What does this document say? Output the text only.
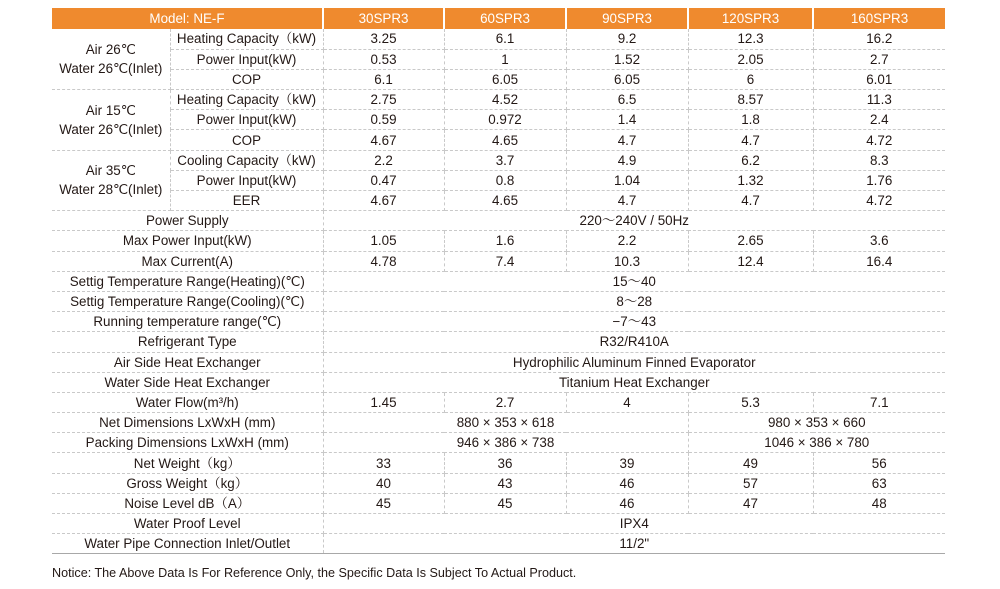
Model: NE-F		30SPR3	60SPR3	90SPR3	120SPR3	160SPR3

Air 26℃
Water 26℃(Inlet)	Heating Capacity（kW)	3.25	6.1	9.2	12.3	16.2
	Power Input(kW)	0.53	1	1.52	2.05	2.7
	COP	6.1	6.05	6.05	6	6.01

Air 15℃
Water 26℃(Inlet)	Heating Capacity（kW)	2.75	4.52	6.5	8.57	11.3
	Power Input(kW)	0.59	0.972	1.4	1.8	2.4
	COP	4.67	4.65	4.7	4.7	4.72

Air 35℃
Water 28℃(Inlet)	Cooling Capacity（kW)	2.2	3.7	4.9	6.2	8.3
	Power Input(kW)	0.47	0.8	1.04	1.32	1.76
	EER	4.67	4.65	4.7	4.7	4.72
Power Supply		220～240V / 50Hz				
Max Power Input(kW)		1.05	1.6	2.2	2.65	3.6
Max Current(A)		4.78	7.4	10.3	12.4	16.4
Settig Temperature Range(Heating)(℃)		15～40				
Settig Temperature Range(Cooling)(℃)		8～28				
Running temperature range(℃)		−7～43				
Refrigerant Type		R32/R410A				
Air Side Heat Exchanger		Hydrophilic Aluminum Finned Evaporator				
Water Side Heat Exchanger		Titanium Heat Exchanger				
Water Flow(m³/h)		1.45	2.7	4	5.3	7.1
Net Dimensions LxWxH (mm)		880 × 353 × 618			980 × 353 × 660	
Packing Dimensions LxWxH (mm)		946 × 386 × 738			1046 × 386 × 780	
Net Weight（kg）		33	36	39	49	56
Gross Weight（kg）		40	43	46	57	63
Noise Level dB（A）		45	45	46	47	48
Water Proof Level		IPX4				
Water Pipe Connection Inlet/Outlet		11/2"				
Notice: The Above Data Is For Reference Only, the Specific Data Is Subject To Actual Product.
